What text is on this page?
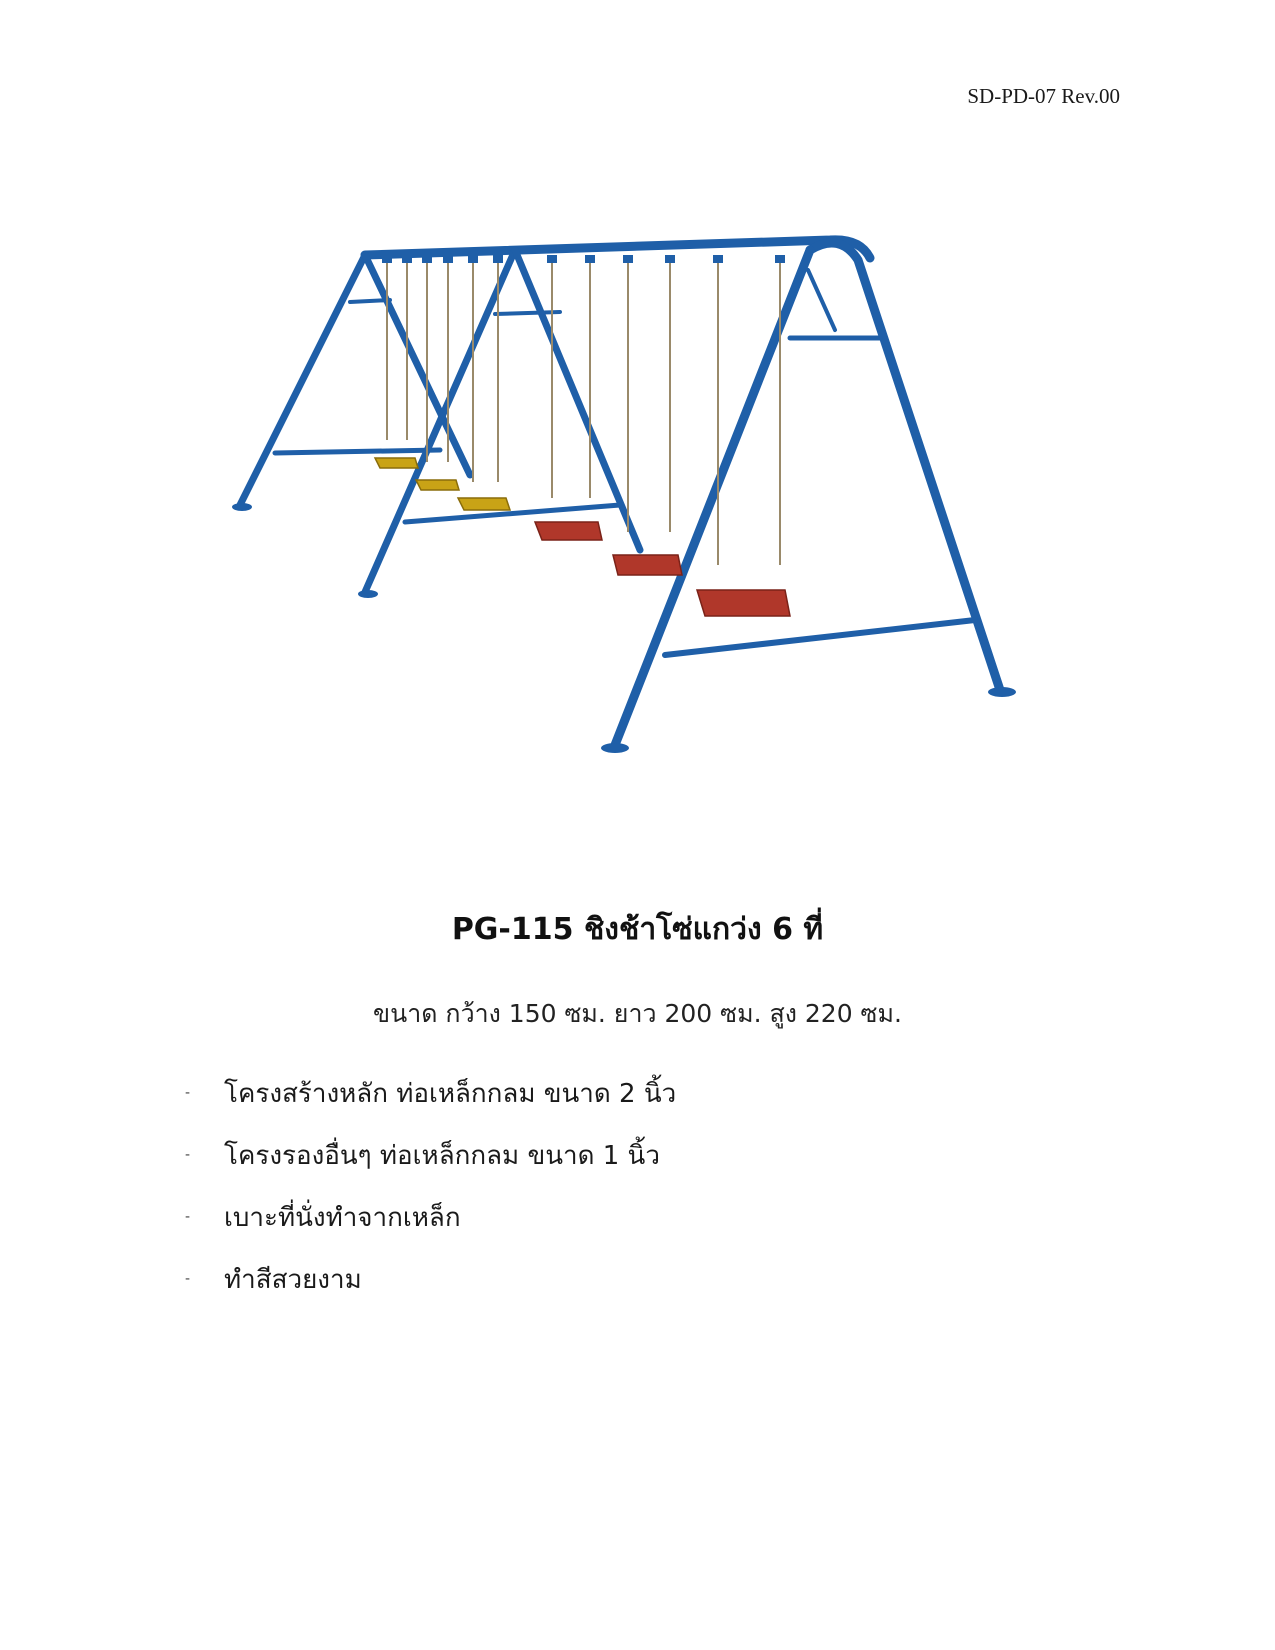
SD-PD-07 Rev.00
PG-115 ชิงช้าโซ่แกว่ง 6 ที่
ขนาด กว้าง 150 ซม. ยาว 200 ซม. สูง 220 ซม.
-	โครงสร้างหลัก ท่อเหล็กกลม ขนาด 2 นิ้ว
-	โครงรองอื่นๆ ท่อเหล็กกลม ขนาด 1 นิ้ว
-	เบาะที่นั่งทำจากเหล็ก
-	ทำสีสวยงาม
